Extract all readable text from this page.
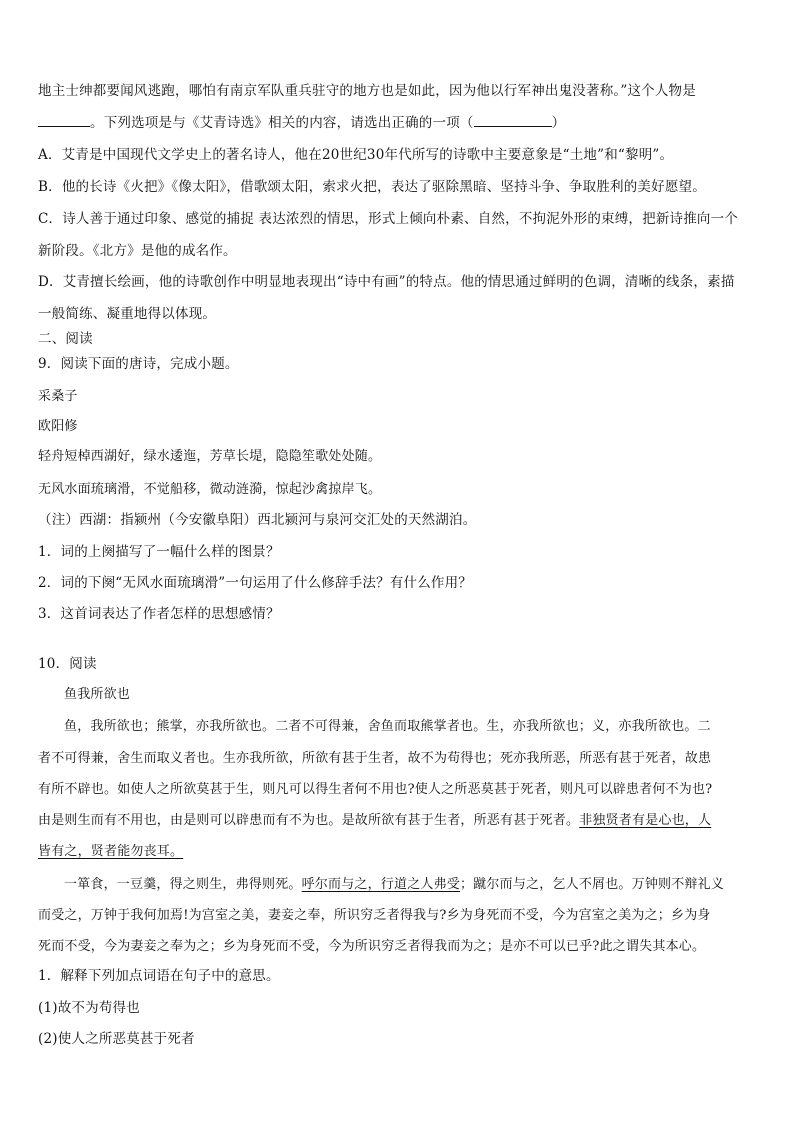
地主士绅都要闻风逃跑，哪怕有南京军队重兵驻守的地方也是如此，因为他以行军神出鬼没著称。”这个人物是
。下列选项是与《艾青诗选》相关的内容，请选出正确的一项（	）
A．艾青是中国现代文学史上的著名诗人，他在20世纪30年代所写的诗歌中主要意象是“土地”和“黎明”。
B．他的长诗《火把》《像太阳》，借歌颂太阳，索求火把，表达了驱除黑暗、坚持斗争、争取胜利的美好愿望。
C．诗人善于通过印象、感觉的捕捉 表达浓烈的情思，形式上倾向朴素、自然，不拘泥外形的束缚，把新诗推向一个
新阶段。《北方》是他的成名作。
D．艾青擅长绘画，他的诗歌创作中明显地表现出“诗中有画”的特点。他的情思通过鲜明的色调，清晰的线条，素描
一般简练、凝重地得以体现。
二、阅读
9．阅读下面的唐诗，完成小题。
采桑子
欧阳修
轻舟短棹西湖好，绿水逶迤，芳草长堤，隐隐笙歌处处随。
无风水面琉璃滑，不觉船移，微动涟漪，惊起沙禽掠岸飞。
（注）西湖：指颍州（今安徽阜阳）西北颍河与泉河交汇处的天然湖泊。
1．词的上阕描写了一幅什么样的图景？
2．词的下阕“无风水面琉璃滑”一句运用了什么修辞手法？有什么作用？
3．这首词表达了作者怎样的思想感情？
10．阅读
鱼我所欲也
鱼，我所欲也；熊掌，亦我所欲也。二者不可得兼，舍鱼而取熊掌者也。生，亦我所欲也；义，亦我所欲也。二
者不可得兼，舍生而取义者也。生亦我所欲，所欲有甚于生者，故不为苟得也；死亦我所恶，所恶有甚于死者，故患
有所不辟也。如使人之所欲莫甚于生，则凡可以得生者何不用也?使人之所恶莫甚于死者，则凡可以辟患者何不为也?
由是则生而有不用也，由是则可以辟患而有不为也。是故所欲有甚于生者，所恶有甚于死者。非独贤者有是心也，人
皆有之，贤者能勿丧耳。
一箪食，一豆羹，得之则生，弗得则死。呼尔而与之，行道之人弗受；蹴尔而与之，乞人不屑也。万钟则不辩礼义
而受之，万钟于我何加焉!为宫室之美，妻妾之奉，所识穷乏者得我与?乡为身死而不受，今为宫室之美为之；乡为身
死而不受，今为妻妾之奉为之；乡为身死而不受，今为所识穷乏者得我而为之；是亦不可以已乎?此之谓失其本心。
1．解释下列加点词语在句子中的意思。
(1)故不为苟得也
(2)使人之所恶莫甚于死者
